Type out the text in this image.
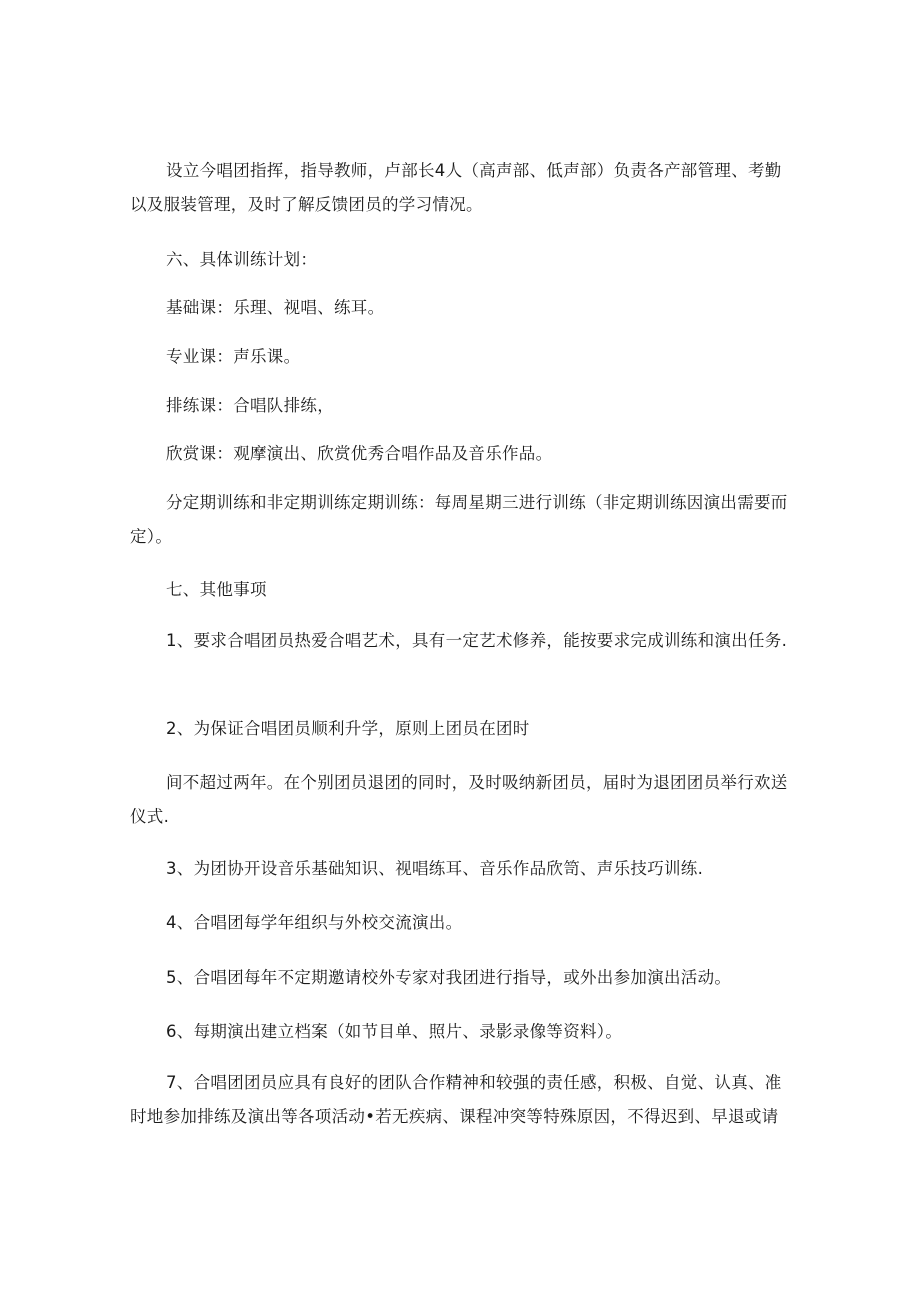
设立今唱团指挥，指导教师，卢部长4人（高声部、低声部）负责各产部管理、考勤以及服装管理，及时了解反馈团员的学习情况。

六、具体训练计划：

基础课：乐理、视唱、练耳。

专业课：声乐课。

排练课：合唱队排练，

欣赏课：观摩演出、欣赏优秀合唱作品及音乐作品。

分定期训练和非定期训练定期训练：每周星期三进行训练（非定期训练因演出需要而定）。

七、其他事项

1、要求合唱团员热爱合唱艺术，具有一定艺术修养，能按要求完成训练和演出任务.

2、为保证合唱团员顺利升学，原则上团员在团时

间不超过两年。在个别团员退团的同时，及时吸纳新团员，届时为退团团员举行欢送仪式.

3、为团协开设音乐基础知识、视唱练耳、音乐作品欣笥、声乐技巧训练.

4、合唱团每学年组织与外校交流演出。

5、合唱团每年不定期邀请校外专家对我团进行指导，或外出参加演出活动。

6、每期演出建立档案（如节目单、照片、录影录像等资料）。

7、合唱团团员应具有良好的团队合作精神和较强的责任感，积极、自觉、认真、准时地参加排练及演出等各项活动•若无疾病、课程冲突等特殊原因，不得迟到、早退或请
